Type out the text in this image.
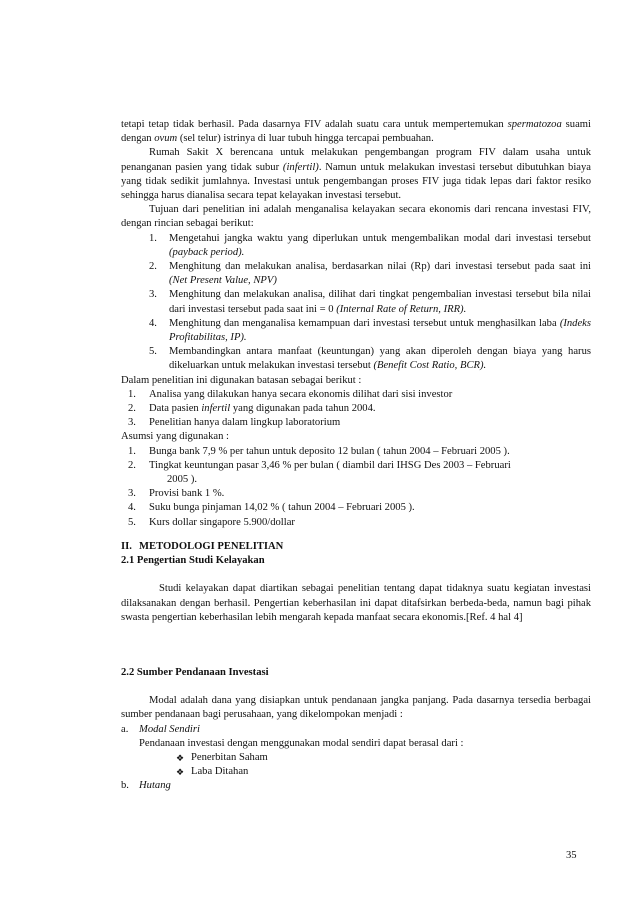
tetapi tetap tidak berhasil. Pada dasarnya FIV adalah suatu cara untuk mempertemukan spermatozoa suami dengan ovum (sel telur) istrinya di luar tubuh hingga tercapai pembuahan.

Rumah Sakit X berencana untuk melakukan pengembangan program FIV dalam usaha untuk penanganan pasien yang tidak subur (infertil). Namun untuk melakukan investasi tersebut dibutuhkan biaya yang tidak sedikit jumlahnya. Investasi untuk pengembangan proses FIV juga tidak lepas dari faktor resiko sehingga harus dianalisa secara tepat kelayakan investasi tersebut.

Tujuan dari penelitian ini adalah menganalisa kelayakan secara ekonomis dari rencana investasi FIV, dengan rincian sebagai berikut:

1. Mengetahui jangka waktu yang diperlukan untuk mengembalikan modal dari investasi tersebut (payback period).
2. Menghitung dan melakukan analisa, berdasarkan nilai (Rp) dari investasi tersebut pada saat ini (Net Present Value, NPV)
3. Menghitung dan melakukan analisa, dilihat dari tingkat pengembalian investasi tersebut bila nilai dari investasi tersebut pada saat ini = 0 (Internal Rate of Return, IRR).
4. Menghitung dan menganalisa kemampuan dari investasi tersebut untuk menghasilkan laba (Indeks Profitabilitas, IP).
5. Membandingkan antara manfaat (keuntungan) yang akan diperoleh dengan biaya yang harus dikeluarkan untuk melakukan investasi tersebut (Benefit Cost Ratio, BCR).

Dalam penelitian ini digunakan batasan sebagai berikut :

1. Analisa yang dilakukan hanya secara ekonomis dilihat dari sisi investor
2. Data pasien infertil yang digunakan pada tahun 2004.
3. Penelitian hanya dalam lingkup laboratorium

Asumsi yang digunakan :

1. Bunga bank 7,9 % per tahun untuk deposito 12 bulan ( tahun 2004 – Februari 2005 ).
2. Tingkat keuntungan pasar 3,46 % per bulan ( diambil dari IHSG Des 2003 – Februari
2005 ).
3. Provisi bank 1 %.
4. Suku bunga pinjaman 14,02 % ( tahun 2004 – Februari 2005 ).
5. Kurs dollar singapore 5.900/dollar
II. METODOLOGI PENELITIAN
2.1 Pengertian Studi Kelayakan

Studi kelayakan dapat diartikan sebagai penelitian tentang dapat tidaknya suatu kegiatan investasi dilaksanakan dengan berhasil. Pengertian keberhasilan ini dapat ditafsirkan berbeda-beda, namun bagi pihak swasta pengertian keberhasilan lebih mengarah kepada manfaat secara ekonomis.[Ref. 4 hal 4]

2.2 Sumber Pendanaan Investasi

Modal adalah dana yang disiapkan untuk pendanaan jangka panjang. Pada dasarnya tersedia berbagai sumber pendanaan bagi perusahaan, yang dikelompokan menjadi :

a. Modal Sendiri

Pendanaan investasi dengan menggunakan modal sendiri dapat berasal dari :

❖ Penerbitan Saham
❖ Laba Ditahan
b. Hutang
35
